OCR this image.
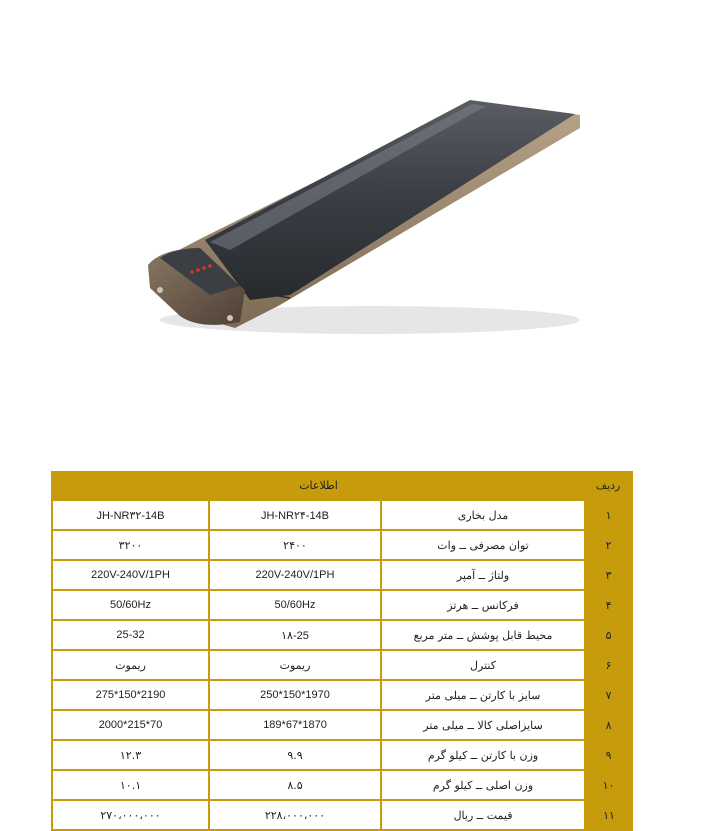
اطلاعات			ردیف
JH-NR۳۲-14B	JH-NR۲۴-14B	مدل بخاری	۱
۳۲۰۰	۲۴۰۰	توان مصرفی ــ وات	۲
220V-240V/1PH	220V-240V/1PH	ولتاژ ــ آمپر	۳
50/60Hz	50/60Hz	فرکانس ــ هرتز	۴
25-32	۱۸-25	محیط قابل پوشش ــ متر مربع	۵
ریموت	ریموت	کنترل	۶
275*150*2190	250*150*1970	سایز با کارتن ــ میلی متر	۷
2000*215*70	189*67*1870	سایزاصلی کالا ــ میلی متر	۸
۱۲.۳	۹.۹	وزن با کارتن ــ کیلو گرم	۹
۱۰.۱	۸.۵	وزن اصلی ــ کیلو گرم	۱۰
۲۷۰،۰۰۰،۰۰۰	۲۲۸،۰۰۰،۰۰۰	قیمت ــ ریال	۱۱
